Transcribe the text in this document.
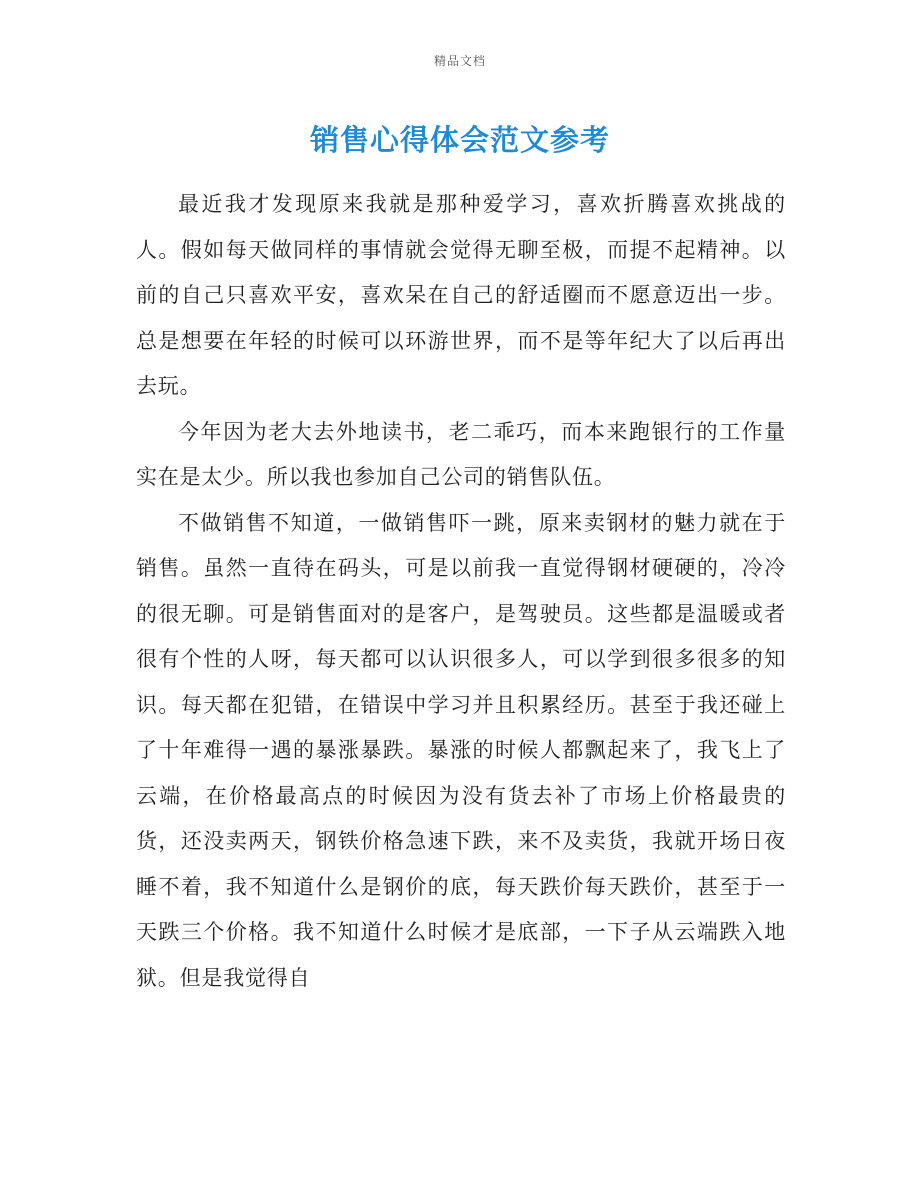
精品文档
销售心得体会范文参考

最近我才发现原来我就是那种爱学习，喜欢折腾喜欢挑战的人。假如每天做同样的事情就会觉得无聊至极，而提不起精神。以前的自己只喜欢平安，喜欢呆在自己的舒适圈而不愿意迈出一步。总是想要在年轻的时候可以环游世界，而不是等年纪大了以后再出去玩。

今年因为老大去外地读书，老二乖巧，而本来跑银行的工作量实在是太少。所以我也参加自己公司的销售队伍。

不做销售不知道，一做销售吓一跳，原来卖钢材的魅力就在于销售。虽然一直待在码头，可是以前我一直觉得钢材硬硬的，冷冷的很无聊。可是销售面对的是客户，是驾驶员。这些都是温暖或者很有个性的人呀，每天都可以认识很多人，可以学到很多很多的知识。每天都在犯错，在错误中学习并且积累经历。甚至于我还碰上了十年难得一遇的暴涨暴跌。暴涨的时候人都飘起来了，我飞上了云端，在价格最高点的时候因为没有货去补了市场上价格最贵的货，还没卖两天，钢铁价格急速下跌，来不及卖货，我就开场日夜睡不着，我不知道什么是钢价的底，每天跌价每天跌价，甚至于一天跌三个价格。我不知道什么时候才是底部，一下子从云端跌入地狱。但是我觉得自
